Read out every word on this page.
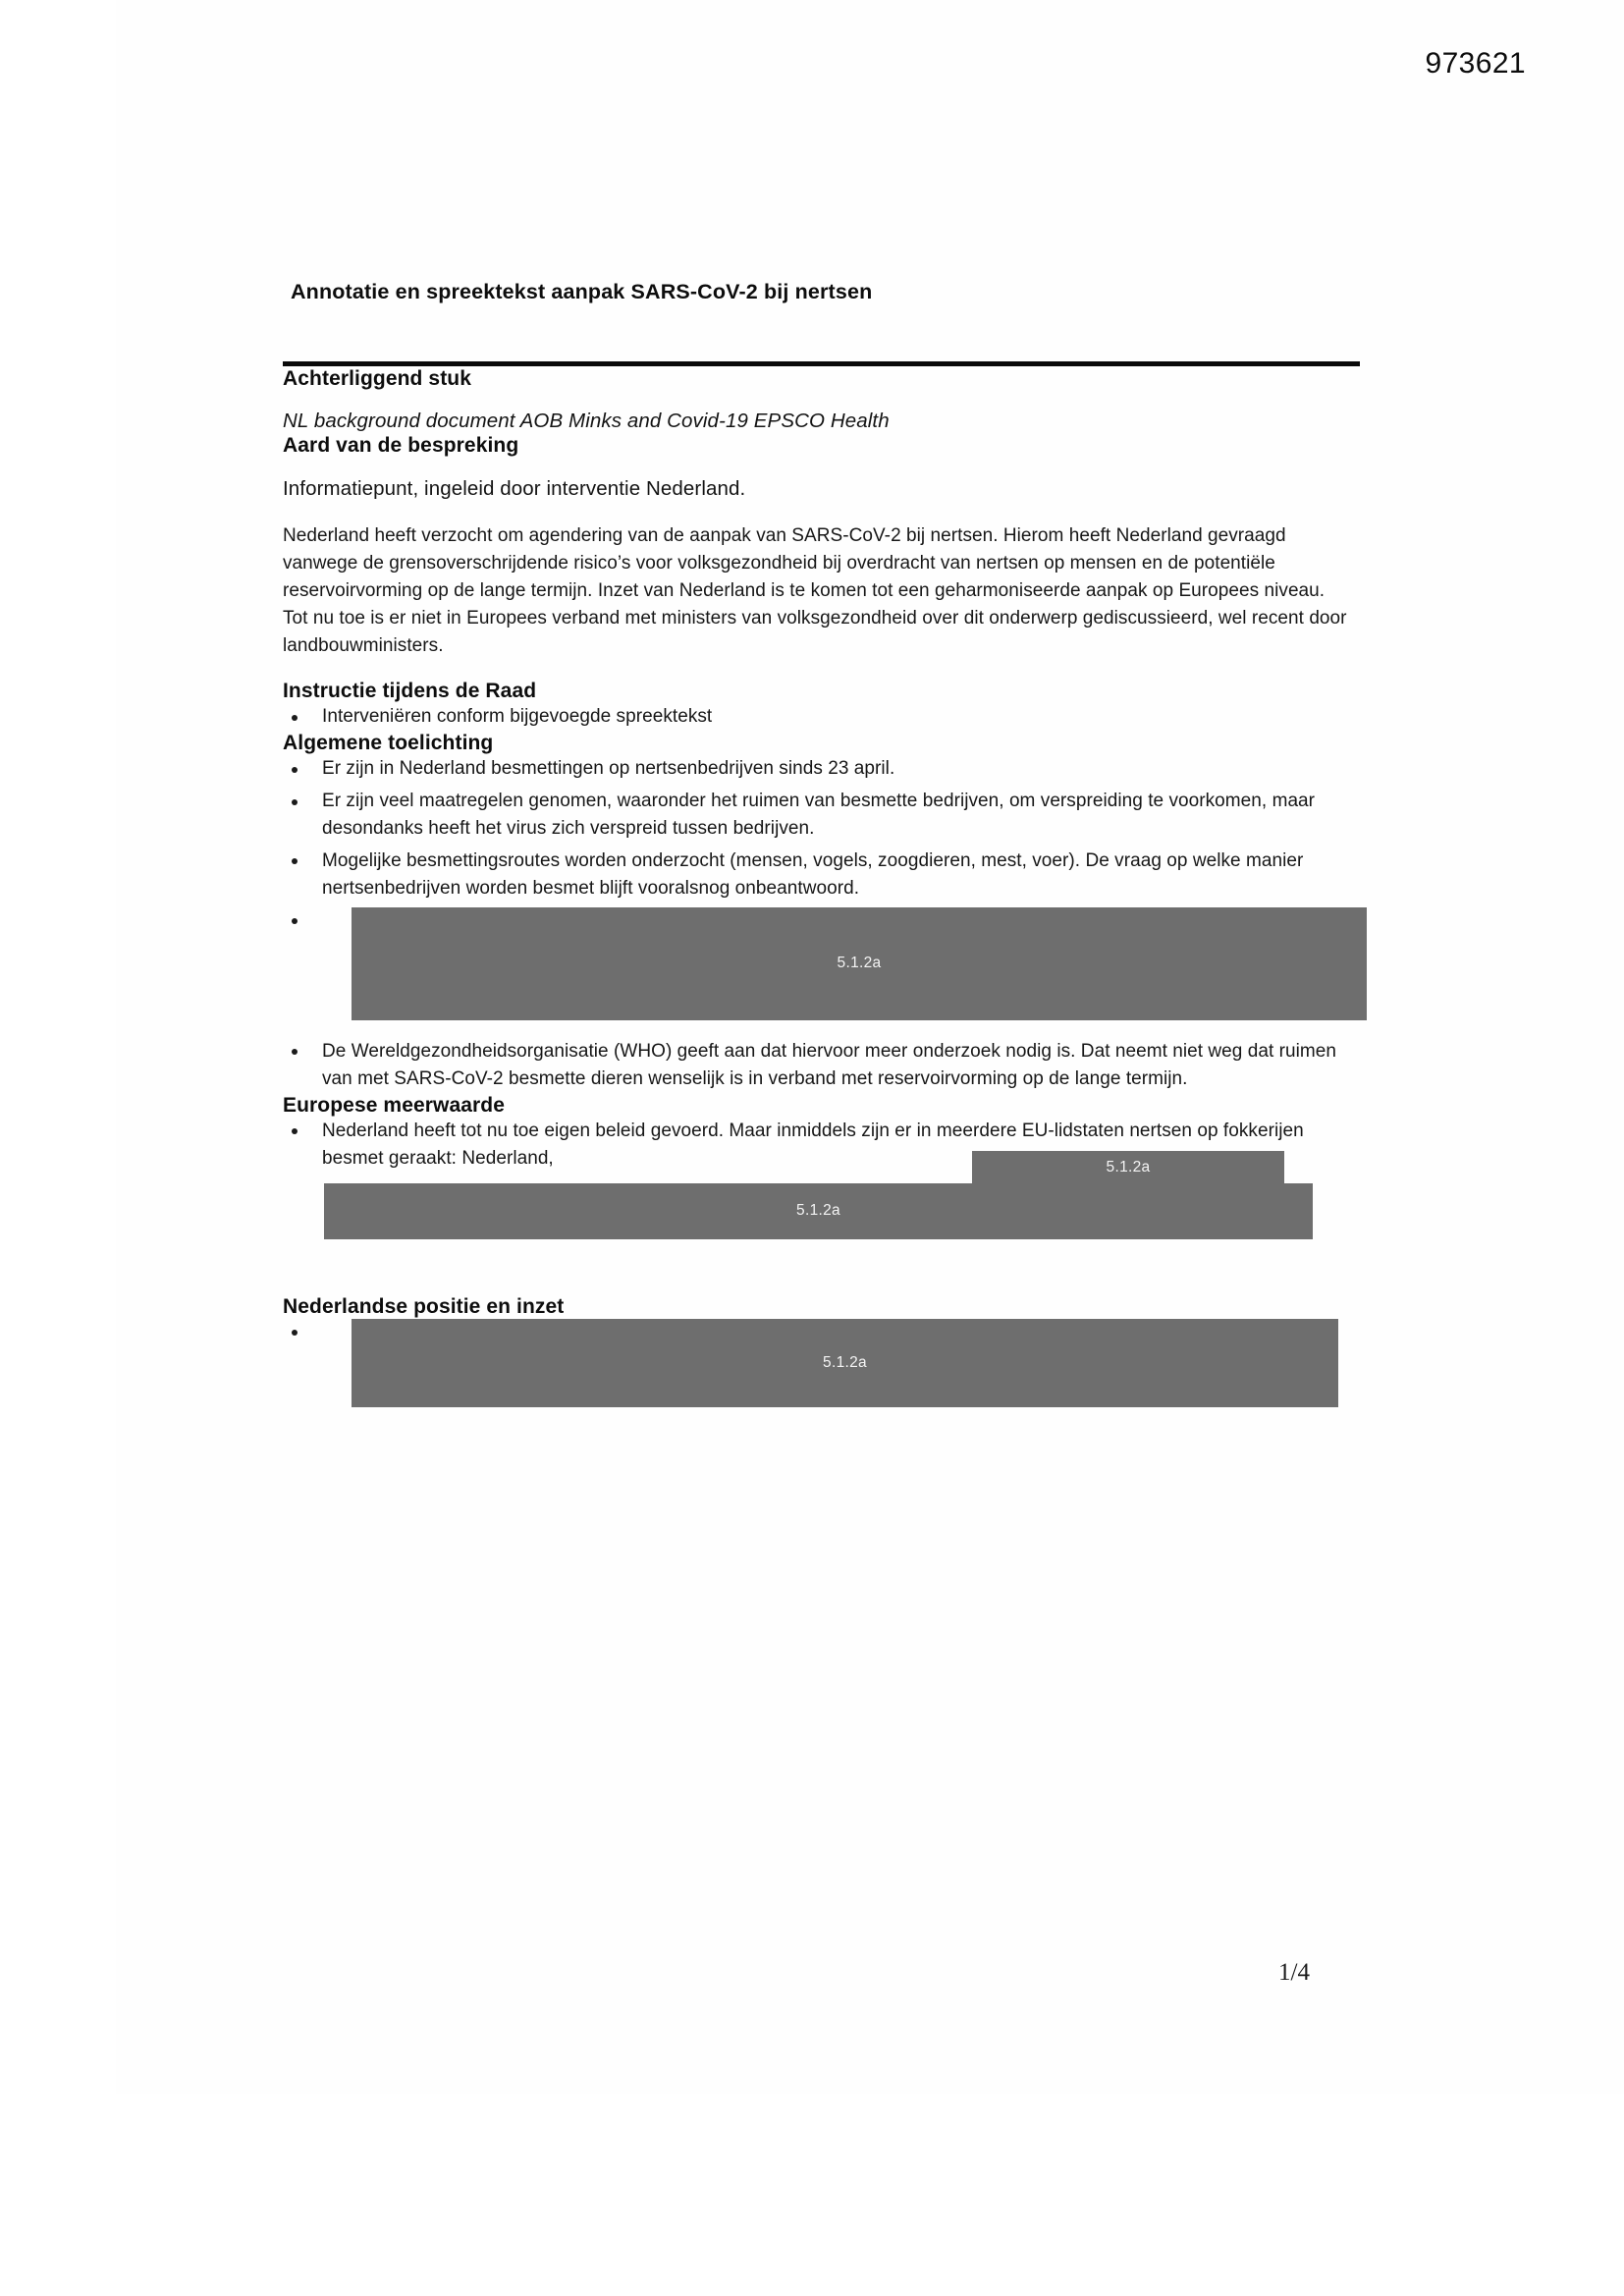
973621
Annotatie en spreektekst aanpak SARS-CoV-2 bij nertsen
Achterliggend stuk
NL background document AOB Minks and Covid-19 EPSCO Health
Aard van de bespreking
Informatiepunt, ingeleid door interventie Nederland.

Nederland heeft verzocht om agendering van de aanpak van SARS-CoV-2 bij nertsen. Hierom heeft Nederland gevraagd vanwege de grensoverschrijdende risico’s voor volksgezondheid bij overdracht van nertsen op mensen en de potentiële reservoirvorming op de lange termijn. Inzet van Nederland is te komen tot een geharmoniseerde aanpak op Europees niveau. Tot nu toe is er niet in Europees verband met ministers van volksgezondheid over dit onderwerp gediscussieerd, wel recent door landbouwministers.

Instructie tijdens de Raad
Interveniëren conform bijgevoegde spreektekst
Algemene toelichting
Er zijn in Nederland besmettingen op nertsenbedrijven sinds 23 april.
Er zijn veel maatregelen genomen, waaronder het ruimen van besmette bedrijven, om verspreiding te voorkomen, maar desondanks heeft het virus zich verspreid tussen bedrijven.
Mogelijke besmettingsroutes worden onderzocht (mensen, vogels, zoogdieren, mest, voer). De vraag op welke manier nertsenbedrijven worden besmet blijft vooralsnog onbeantwoord.
5.1.2a
De Wereldgezondheidsorganisatie (WHO) geeft aan dat hiervoor meer onderzoek nodig is. Dat neemt niet weg dat ruimen van met SARS-CoV-2 besmette dieren wenselijk is in verband met reservoirvorming op de lange termijn.
Europese meerwaarde
Nederland heeft tot nu toe eigen beleid gevoerd. Maar inmiddels zijn er in meerdere EU-lidstaten nertsen op fokkerijen besmet geraakt: Nederland,	5.1.2a
5.1.2a
Nederlandse positie en inzet
5.1.2a
1/4
